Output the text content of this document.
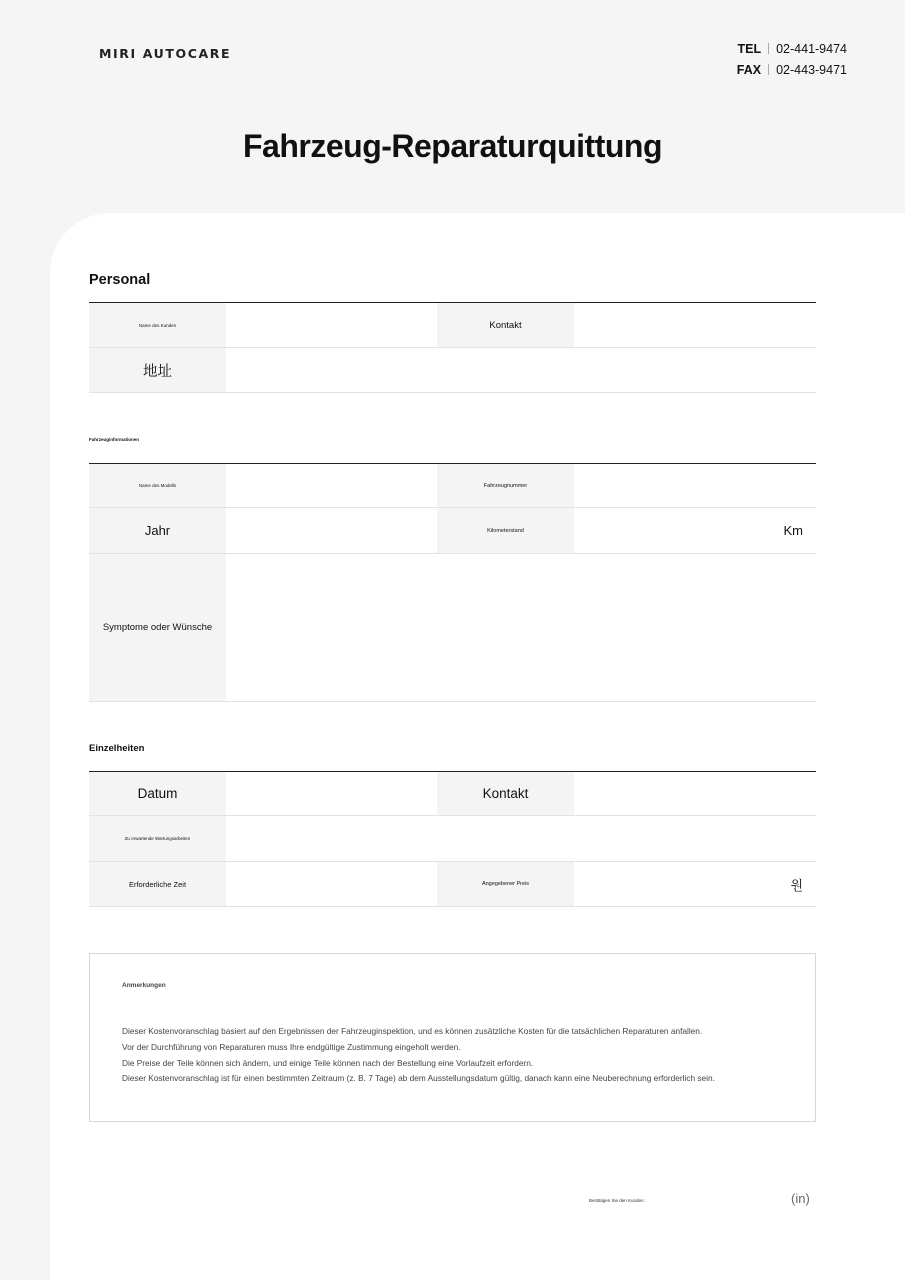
MIRI AUTOCARE	TEL 02-441-9474
FAX 02-443-9471
Fahrzeug-Reparaturquittung
Personal
Name des Kunden	Kontakt
地址
Fahrzeuginformationen
Name des Modells	Fahrzeugnummer
Jahr	Kilometerstand	Km
Symptome oder Wünsche
Einzelheiten
Datum	Kontakt
Zu erwartende Wartungsarbeiten
Erforderliche Zeit	Angegebener Preis	원
Anmerkungen
Dieser Kostenvoranschlag basiert auf den Ergebnissen der Fahrzeuginspektion, und es können zusätzliche Kosten für die tatsächlichen Reparaturen anfallen.
Vor der Durchführung von Reparaturen muss Ihre endgültige Zustimmung eingeholt werden.
Die Preise der Teile können sich ändern, und einige Teile können nach der Bestellung eine Vorlaufzeit erfordern.
Dieser Kostenvoranschlag ist für einen bestimmten Zeitraum (z. B. 7 Tage) ab dem Ausstellungsdatum gültig, danach kann eine Neuberechnung erforderlich sein.
Bestätigen Sie den Kunden:	(in)
